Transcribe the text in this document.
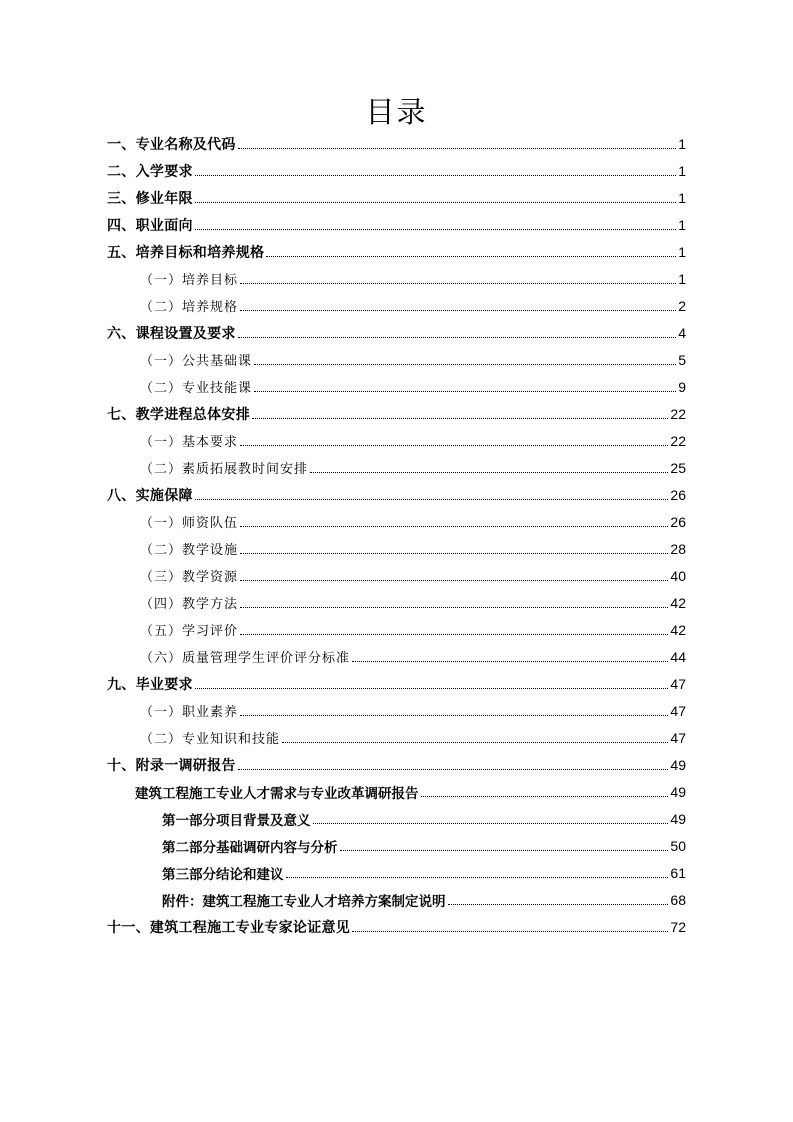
目录
一、专业名称及代码	1
二、入学要求	1
三、修业年限	1
四、职业面向	1
五、培养目标和培养规格	1
（一）培养目标	1
（二）培养规格	2
六、课程设置及要求	4
（一）公共基础课	5
（二）专业技能课	9
七、教学进程总体安排	22
（一）基本要求	22
（二）素质拓展教时间安排	25
八、实施保障	26
（一）师资队伍	26
（二）教学设施	28
（三）教学资源	40
（四）教学方法	42
（五）学习评价	42
（六）质量管理学生评价评分标准	44
九、毕业要求	47
（一）职业素养	47
（二）专业知识和技能	47
十、附录一调研报告	49
建筑工程施工专业人才需求与专业改革调研报告	49
第一部分项目背景及意义	49
第二部分基础调研内容与分析	50
第三部分结论和建议	61
附件：建筑工程施工专业人才培养方案制定说明	68
十一、建筑工程施工专业专家论证意见	72
